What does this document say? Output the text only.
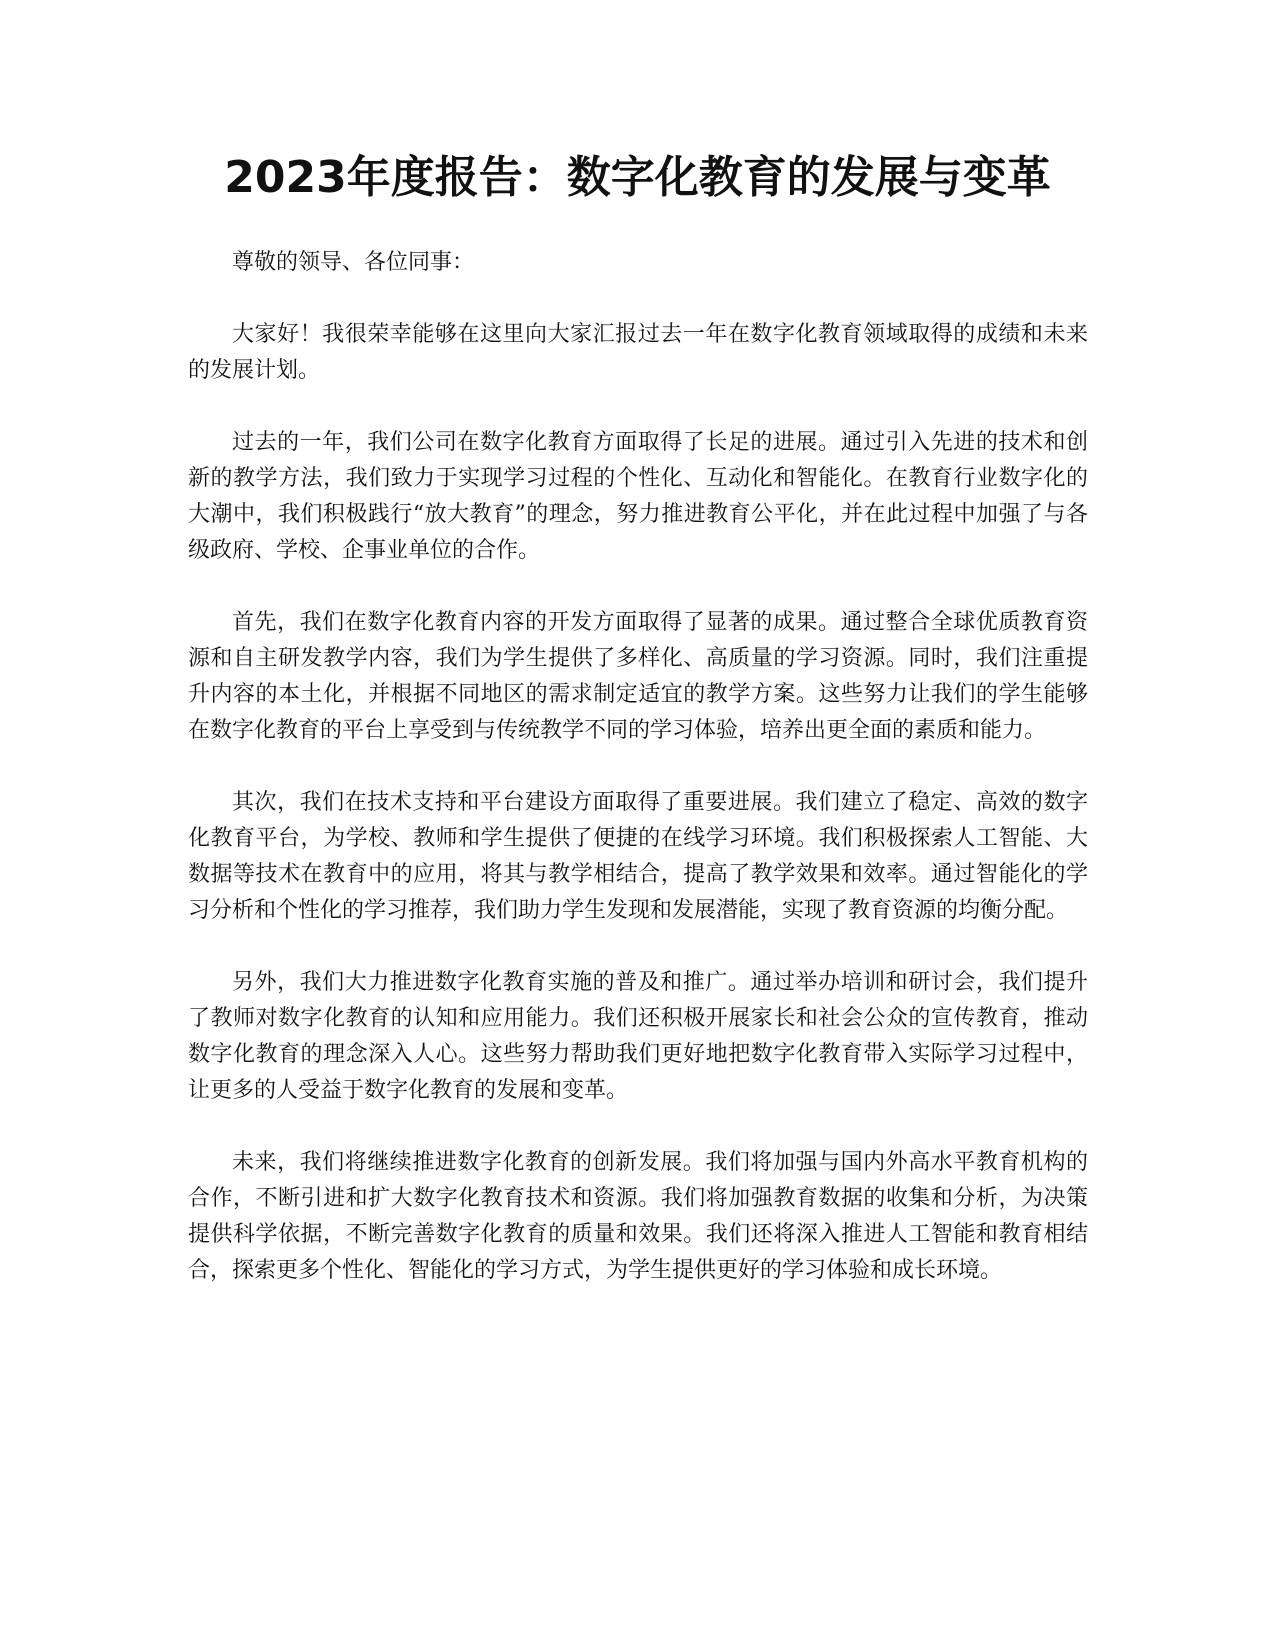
2023年度报告：数字化教育的发展与变革

尊敬的领导、各位同事：

大家好！我很荣幸能够在这里向大家汇报过去一年在数字化教育领域取得的成绩和未来的发展计划。

过去的一年，我们公司在数字化教育方面取得了长足的进展。通过引入先进的技术和创新的教学方法，我们致力于实现学习过程的个性化、互动化和智能化。在教育行业数字化的大潮中，我们积极践行“放大教育”的理念，努力推进教育公平化，并在此过程中加强了与各级政府、学校、企事业单位的合作。

首先，我们在数字化教育内容的开发方面取得了显著的成果。通过整合全球优质教育资源和自主研发教学内容，我们为学生提供了多样化、高质量的学习资源。同时，我们注重提升内容的本土化，并根据不同地区的需求制定适宜的教学方案。这些努力让我们的学生能够在数字化教育的平台上享受到与传统教学不同的学习体验，培养出更全面的素质和能力。

其次，我们在技术支持和平台建设方面取得了重要进展。我们建立了稳定、高效的数字化教育平台，为学校、教师和学生提供了便捷的在线学习环境。我们积极探索人工智能、大数据等技术在教育中的应用，将其与教学相结合，提高了教学效果和效率。通过智能化的学习分析和个性化的学习推荐，我们助力学生发现和发展潜能，实现了教育资源的均衡分配。

另外，我们大力推进数字化教育实施的普及和推广。通过举办培训和研讨会，我们提升了教师对数字化教育的认知和应用能力。我们还积极开展家长和社会公众的宣传教育，推动数字化教育的理念深入人心。这些努力帮助我们更好地把数字化教育带入实际学习过程中，让更多的人受益于数字化教育的发展和变革。

未来，我们将继续推进数字化教育的创新发展。我们将加强与国内外高水平教育机构的合作，不断引进和扩大数字化教育技术和资源。我们将加强教育数据的收集和分析，为决策提供科学依据，不断完善数字化教育的质量和效果。我们还将深入推进人工智能和教育相结合，探索更多个性化、智能化的学习方式，为学生提供更好的学习体验和成长环境。
